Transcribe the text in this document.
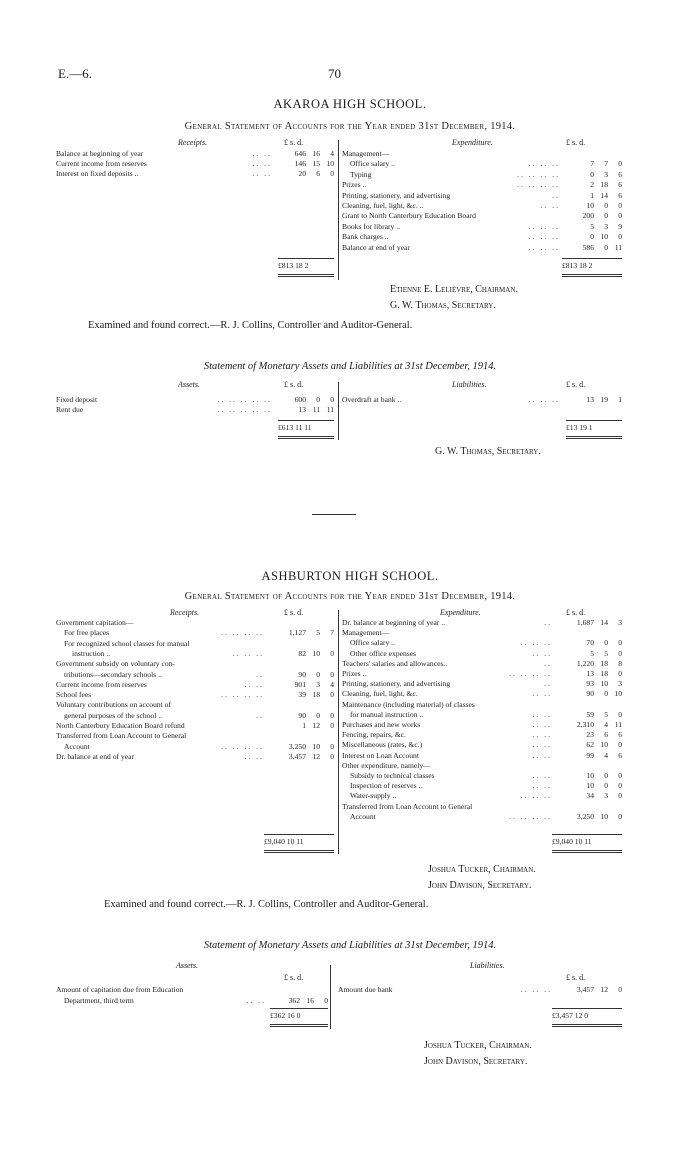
E.—6.	70
AKAROA HIGH SCHOOL.
General Statement of Accounts for the Year ended 31st December, 1914.
Receipts.	£ s. d.	Expenditure.	£ s. d.
Balance at beginning of year	.. ..	646 16	4
Current income from reserves	.. ..	146 15 10
Interest on fixed deposits ..	.. ..	20	6	0
Management—
Office salary ..	.. .. ..	7	7	0
Typing	.. .. .. ..	0	3	6
Prizes ..	.. .. .. ..	2 18	6
Printing, stationery, and advertising	..	1 14	6
Cleaning, fuel, light, &c. ..	.. ..	10	0	0
Grant to North Canterbury Education Board	200	0	0
Books for library ..	.. .. ..	5	3	9
Bank charges ..	.. .. ..	0 10	0
Balance at end of year	.. .. ..	586	0 11
£813 18 2	£813 18 2
Etienne E. Lelièvre, Chairman.
G. W. Thomas, Secretary.
Examined and found correct.—R. J. Collins, Controller and Auditor-General.
Statement of Monetary Assets and Liabilities at 31st December, 1914.
Assets.	£ s. d.	Liabilities.	£ s. d.
Fixed deposit	.. .. .. .. ..	600	0	0
Rent due	.. .. .. .. ..	13 11 11
Overdraft at bank ..	.. .. ..	13 19	1
£613 11 11	£13 19 1
G. W. Thomas, Secretary.
ASHBURTON HIGH SCHOOL.
General Statement of Accounts for the Year ended 31st December, 1914.
Receipts.	£ s. d.	Expenditure.	£ s. d.
Government capitation—
For free places	.. .. .. ..	1,127	5	7
For recognized school classes for manual
instruction ..	.. .. ..	82 10	0
Government subsidy on voluntary con-
tributions—secondary schools ..	..	90	0	0
Current income from reserves	.. ..	901	3	4
School fees	.. .. .. ..	39 18	0
Voluntary contributions on account of
general purposes of the school ..	..	90	0	0
North Canterbury Education Board refund	1 12	0
Transferred from Loan Account to General
Account	.. .. .. ..	3,250 10	0
Dr. balance at end of year	.. ..	3,457 12	0
Dr. balance at beginning of year ..	..	1,687 14	3
Management—
Office salary ..	.. .. ..	70	0	0
Other office expenses	.. ..	5	5	0
Teachers' salaries and allowances..	..	1,220 18	8
Prizes ..	.. .. .. ..	13 18	0
Printing, stationery, and advertising	..	93 10	3
Cleaning, fuel, light, &c.	.. ..	90	0 10
Maintenance (including material) of classes
for manual instruction ..	.. ..	59	5	0
Purchases and new works	.. ..	2,310	4 11
Fencing, repairs, &c.	.. ..	23	6	6
Miscellaneous (rates, &c.)	.. ..	62 10	0
Interest on Loan Account	.. ..	99	4	6
Other expenditure, namely—
Subsidy to technical classes	.. ..	10	0	0
Inspection of reserves ..	.. ..	10	0	0
Water-supply ..	.. .. ..	34	3	0
Transferred from Loan Account to General
Account	.. .. .. ..	3,250 10	0
£9,040 10 11	£9,040 10 11
Joshua Tucker, Chairman.
John Davison, Secretary.
Examined and found correct.—R. J. Collins, Controller and Auditor-General.
Statement of Monetary Assets and Liabilities at 31st December, 1914.
Assets.	Liabilities.
£ s. d.	£ s. d.
Amount of capitation due from Education
Department, third term	.. ..	362 16	0
Amount due bank	.. .. ..	3,457 12	0
£362 16 0	£3,457 12 0
Joshua Tucker, Chairman.
John Davison, Secretary.
